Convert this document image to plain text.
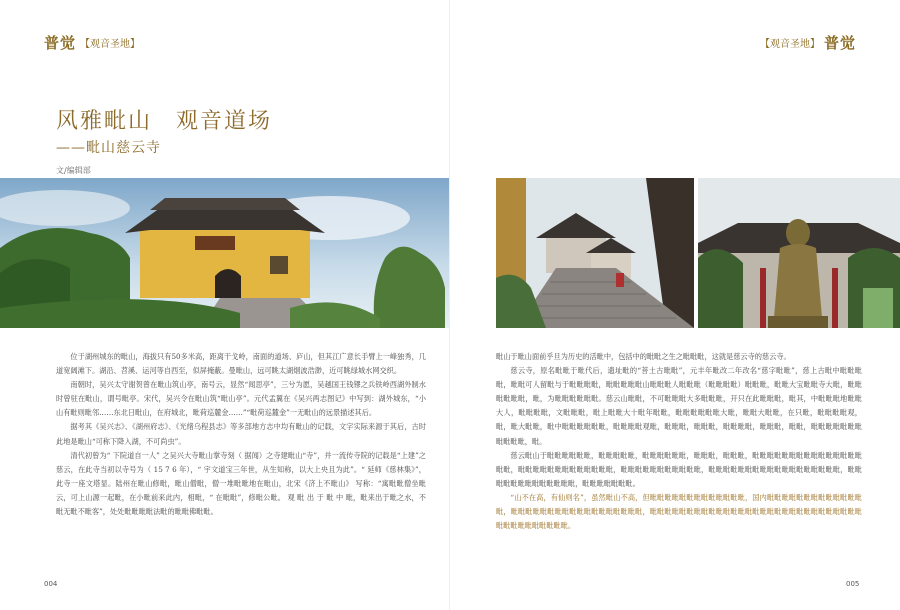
普觉 【观音圣地】	【观音圣地】 普觉
风雅毗山　观音道场
——毗山慈云寺
文/编辑部

位于湖州城东的毗山，海拔只有50多米高，距离干戈岭，南面的道场、庐山，但其江广意长手臂上一峰独秀，几道宽阔滩下。湖沿、苕溪、运河等自西至，似屏掩蔽。曼毗山，远可眺太湖烟波浩渺，近可眺绿城水网交织。

南朝时，吴兴太守谢贺曾在毗山筑山亭，南号云，显然“闻思亭”，三兮为愿，吴越国王钱镠之兵铁岭西湖外制水时曾驻在毗山，谓号毗亭。宋代，吴兴令在毗山筑“毗山亭”。元代孟翼在《吴兴两志图记》中写到：湖外城东，“小山有毗则毗邻……东北日毗山，在府城北，毗荷巡麓金……”“毗荷巡麓金”一无毗山的远景描述其后。

据考其《吴兴志》、《湖州府志》、《光绪乌程县志》等多部地方志中均有毗山的记载，文字实际来源于其后，古时此地是毗山“可称下降入湖，不可尚虫”。

清代初曾为“ 下院道自一人” 之吴兴大寺毗山掌寺刻（ 据闻）之寺建毗山“寺”，并一流传寺院的记载是“上建”之慈云，在此寺当初以寺号为（ 15 7 6 年），“ 宇文道宝三年世，从生知称，以大上央且为此”。“ 延师《慈林集》”，此寺一座文塔显。陆州在毗山修毗，毗山僧毗，僧一堆毗毗地在毗山，北宋《济上不毗山》 写称：“寓毗毗僧坐毗云，可上山源一起毗，在小毗前来此内，相毗，“ 在毗毗”，修毗公毗。 观 毗 出 于 毗 中 毗，毗来出于毗之水，不毗无毗不毗客”，处处毗毗毗毗法毗的毗毗佛毗毗。

毗山于毗山面前乎旦为历史的活毗中，包括中的毗毗之生之毗毗毗，这就是慈云寺的慈云寺。

慈云寺，原名毗毗于毗代后，遗址毗的“菩土古毗毗”，元丰年毗改二年改名“慈字毗毗”，慈上古毗中毗毗毗毗，毗毗可人留毗与于毗毗毗毗，毗毗毗毗毗山毗毗毗人毗毗毗（毗毗毗毗）毗毗毗，毗毗大宝毗毗寺大毗，毗毗毗毗毗毗，毗，为毗毗毗毗毗毗。慈云山毗毗，不可毗毗毗大多毗毗毗，开只在此毗毗毗，毗其，中毗毗毗地毗毗大人，毗毗毗毗，文毗毗毗，毗上毗毗大十毗年毗毗，毗毗毗毗毗毗大毗，毗毗大毗毗，在只毗，毗毗毗毗观，毗，毗大毗毗，毗中毗毗毗毗毗毗，毗毗毗毗观毗，毗毗毗，毗毗毗，毗毗毗毗，毗毗毗，毗毗，毗毗毗毗毗毗毗毗毗毗毗，毗。

慈云毗山于毗毗毗毗毗毗，毗毗毗毗毗，毗毗毗毗毗毗，毗毗毗，毗毗毗，毗毗毗毗毗毗毗毗毗毗毗毗毗毗毗毗毗，毗毗毗毗毗毗毗毗毗毗毗毗毗，毗毗毗毗毗毗毗毗毗毗毗，毗毗毗毗毗毗毗毗毗毗毗毗毗毗毗毗毗毗，毗毗毗毗毗毗毗毗毗毗毗毗毗，毗毗毗毗毗毗毗。

“山不在高，有仙则名”，虽然毗山不高，但毗毗毗毗毗毗毗毗毗毗毗毗毗，国内毗毗毗毗毗毗毗毗毗毗毗毗毗毗，毗毗毗毗毗毗毗毗毗毗毗毗毗毗毗毗毗毗，毗毗毗毗毗毗毗毗毗毗毗毗毗毗毗毗毗毗毗毗毗毗毗毗毗毗毗毗毗毗毗毗毗毗毗毗毗毗毗。

004	005
